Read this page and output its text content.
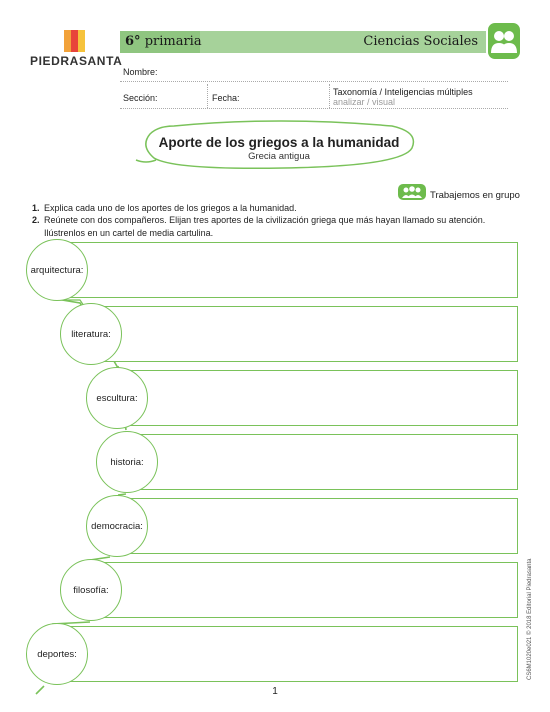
PIEDRASANTA
6° primaria	Ciencias Sociales
Nombre:
Sección:	Fecha:
Taxonomía / Inteligencias múltiples
analizar / visual
Aporte de los griegos a la humanidad
Grecia antigua
Trabajemos en grupo
1. Explica cada uno de los aportes de los griegos a la humanidad.
2. Reúnete con dos compañeros. Elijan tres aportes de la civilización griega que más hayan llamado su atención. Ilústrenlos en un cartel de media cartulina.
arquitectura:
literatura:
escultura:
historia:
democracia:
filosofía:
deportes:	CS6M1020e021 © 2018 Editorial Piedrasanta
1
